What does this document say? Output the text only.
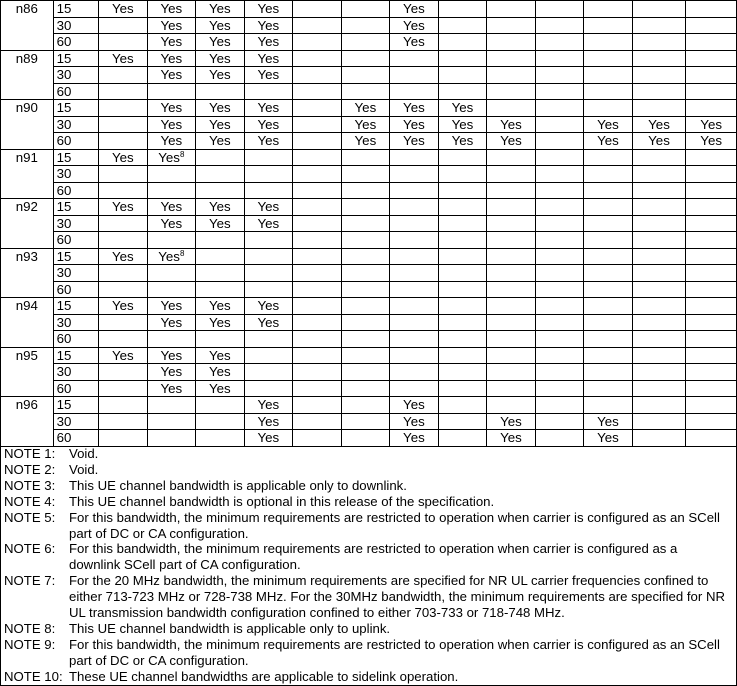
n86	15	Yes	Yes	Yes	Yes			Yes						
	30		Yes	Yes	Yes			Yes						
	60		Yes	Yes	Yes			Yes						
n89	15	Yes	Yes	Yes	Yes									
	30		Yes	Yes	Yes									
	60													
n90	15		Yes	Yes	Yes		Yes	Yes	Yes					
	30		Yes	Yes	Yes		Yes	Yes	Yes	Yes		Yes	Yes	Yes
	60		Yes	Yes	Yes		Yes	Yes	Yes	Yes		Yes	Yes	Yes
n91	15	Yes	Yes$^8$											
	30													
	60													
n92	15	Yes	Yes	Yes	Yes									
	30		Yes	Yes	Yes									
	60													
n93	15	Yes	Yes$^8$											
	30													
	60													
n94	15	Yes	Yes	Yes	Yes									
	30		Yes	Yes	Yes									
	60													
n95	15	Yes	Yes	Yes										
	30		Yes	Yes										
	60		Yes	Yes										
n96	15				Yes			Yes						
	30				Yes			Yes		Yes		Yes		
	60				Yes			Yes		Yes		Yes		
NOTE 1:	Void.
NOTE 2:	Void.
NOTE 3:	This UE channel bandwidth is applicable only to downlink.
NOTE 4:	This UE channel bandwidth is optional in this release of the specification.
NOTE 5:	For this bandwidth, the minimum requirements are restricted to operation when carrier is configured as an SCell part of DC or CA configuration.
NOTE 6:	For this bandwidth, the minimum requirements are restricted to operation when carrier is configured as a downlink SCell part of CA configuration.
NOTE 7:	For the 20 MHz bandwidth, the minimum requirements are specified for NR UL carrier frequencies confined to either 713-723 MHz or 728-738 MHz. For the 30MHz bandwidth, the minimum requirements are specified for NR UL transmission bandwidth configuration confined to either 703-733 or 718-748 MHz.
NOTE 8:	This UE channel bandwidth is applicable only to uplink.
NOTE 9:	For this bandwidth, the minimum requirements are restricted to operation when carrier is configured as an SCell part of DC or CA configuration.
NOTE 10: These UE channel bandwidths are applicable to sidelink operation.
